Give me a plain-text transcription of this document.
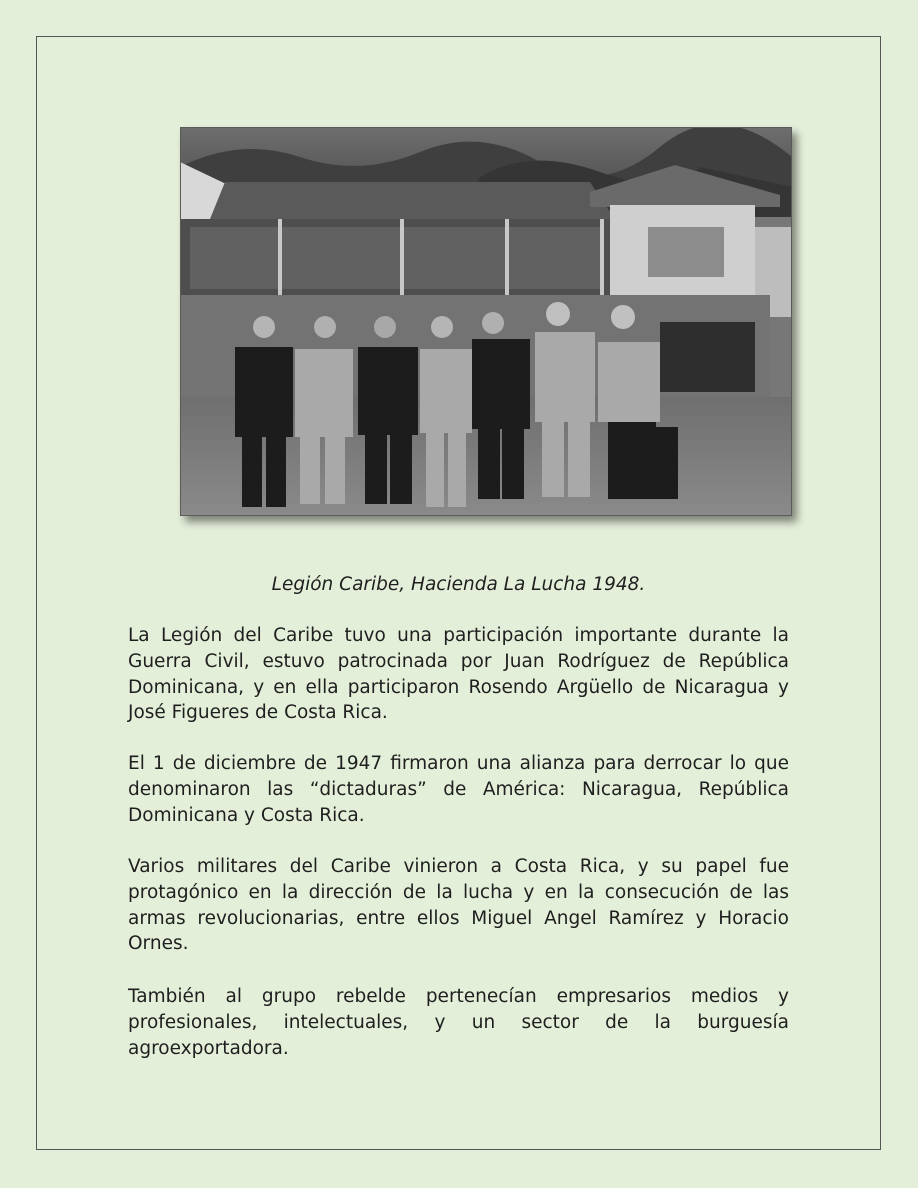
Legión Caribe, Hacienda La Lucha 1948.

La Legión del Caribe tuvo una participación importante durante la Guerra Civil, estuvo patrocinada por Juan Rodríguez de República Dominicana, y en ella participaron Rosendo Argüello de Nicaragua y José Figueres de Costa Rica.

El 1 de diciembre de 1947 firmaron una alianza para derrocar lo que denominaron las “dictaduras” de América: Nicaragua, República Dominicana y Costa Rica.

Varios militares del Caribe vinieron a Costa Rica, y su papel fue protagónico en la dirección de la lucha y en la consecución de las armas revolucionarias, entre ellos Miguel Angel Ramírez y Horacio Ornes.

También al grupo rebelde pertenecían empresarios medios y profesionales, intelectuales, y un sector de la burguesía agroexportadora.
